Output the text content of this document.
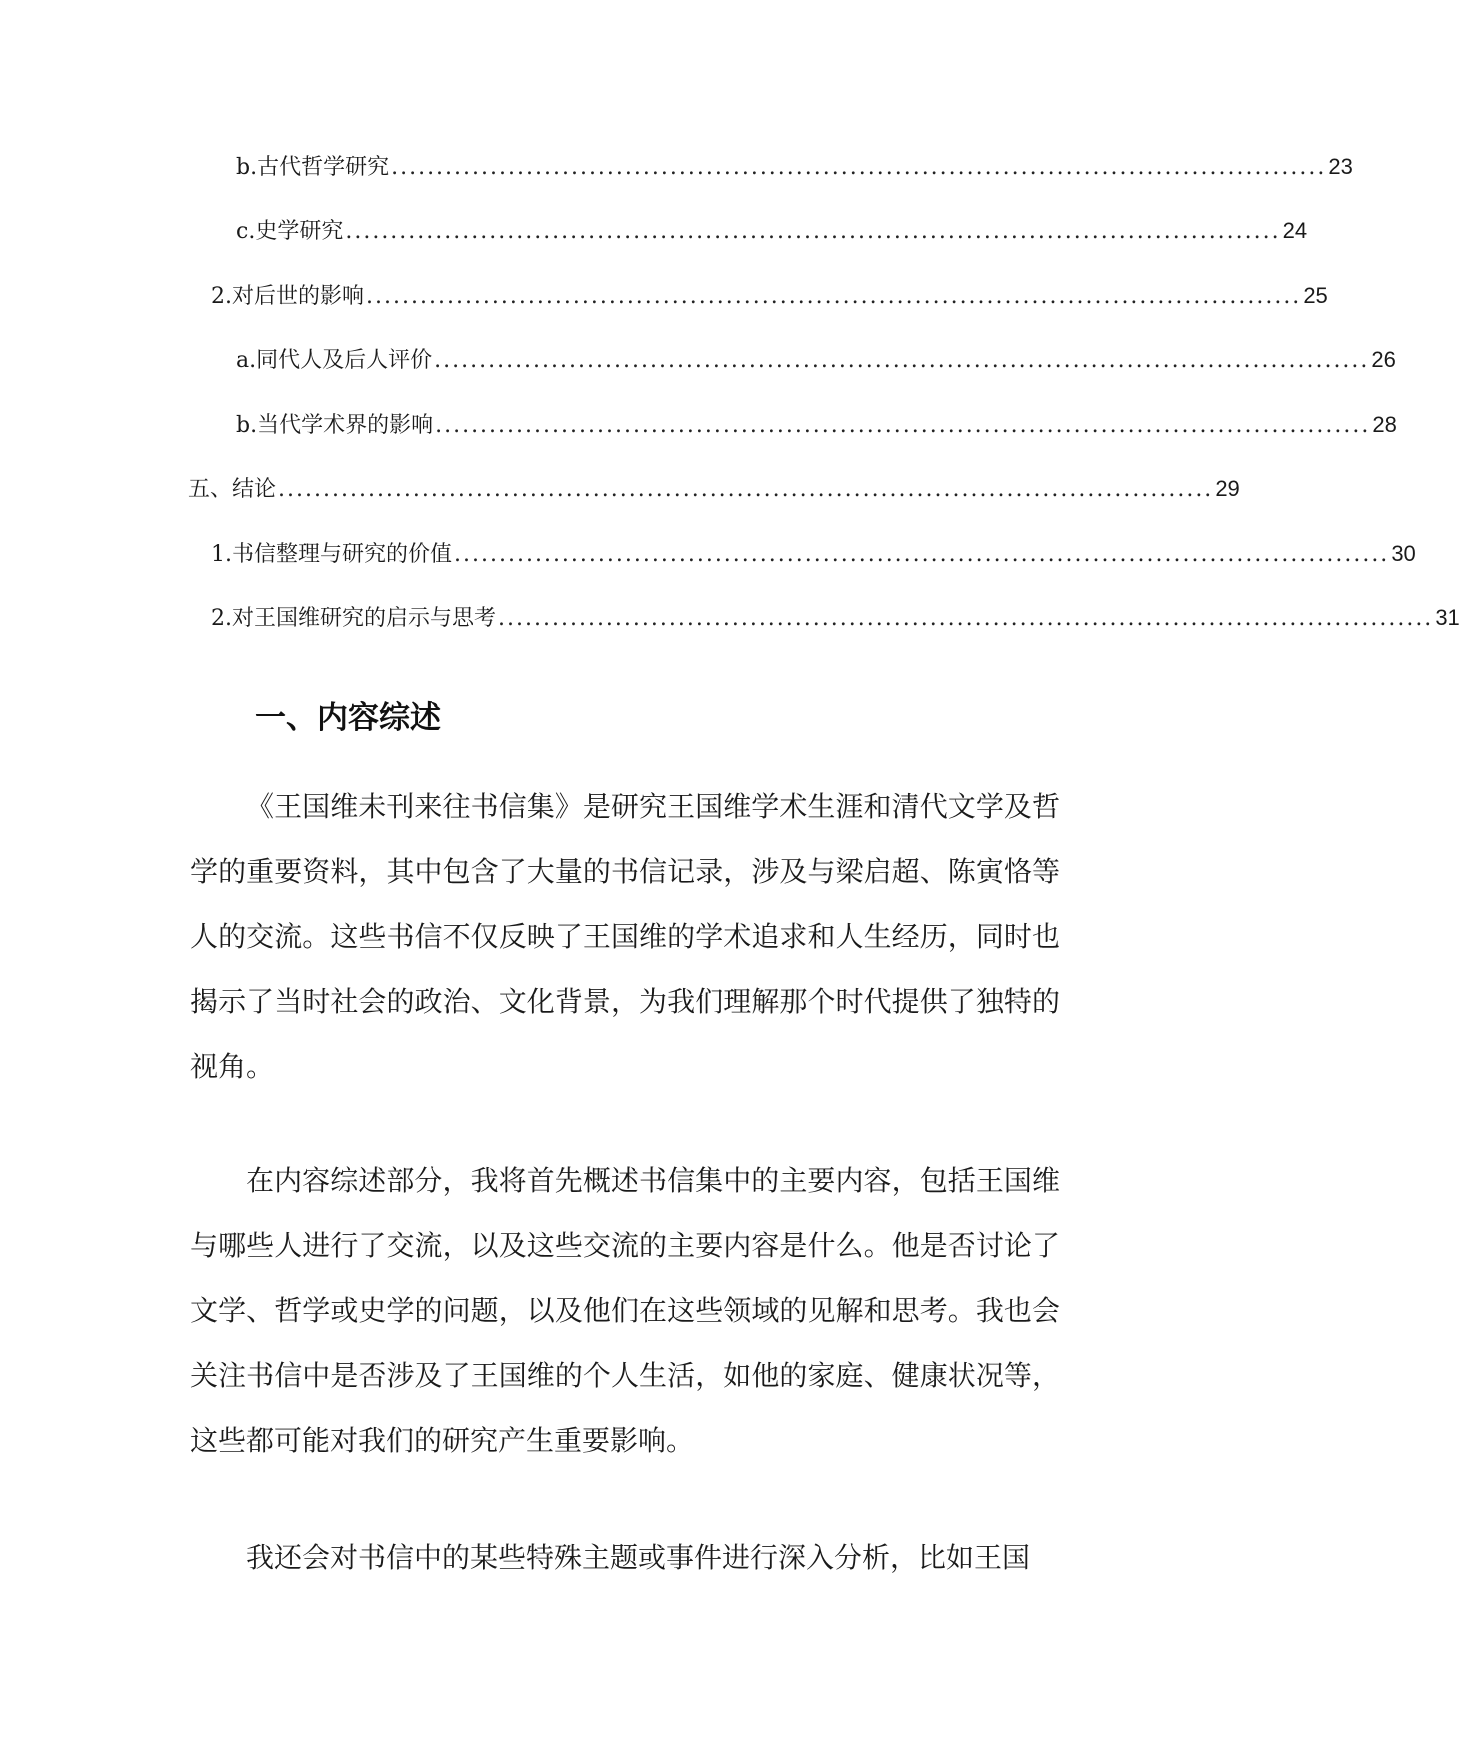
b. 古代哲学研究 ........................................................................................................ 23
c. 史学研究 ........................................................................................................ 24
2. 对后世的影响 ........................................................................................................ 25
a. 同代人及后人评价 ........................................................................................................ 26
b. 当代学术界的影响 ........................................................................................................ 28
五、结论 ........................................................................................................ 29
1. 书信整理与研究的价值 ........................................................................................................ 30
2. 对王国维研究的启示与思考 ........................................................................................................ 31
一、内容综述

《王国维未刊来往书信集》是研究王国维学术生涯和清代文学及哲学的重要资料，其中包含了大量的书信记录，涉及与梁启超、陈寅恪等人的交流。这些书信不仅反映了王国维的学术追求和人生经历，同时也揭示了当时社会的政治、文化背景，为我们理解那个时代提供了独特的视角。

在内容综述部分，我将首先概述书信集中的主要内容，包括王国维与哪些人进行了交流，以及这些交流的主要内容是什么。他是否讨论了文学、哲学或史学的问题，以及他们在这些领域的见解和思考。我也会关注书信中是否涉及了王国维的个人生活，如他的家庭、健康状况等，这些都可能对我们的研究产生重要影响。

我还会对书信中的某些特殊主题或事件进行深入分析，比如王国
